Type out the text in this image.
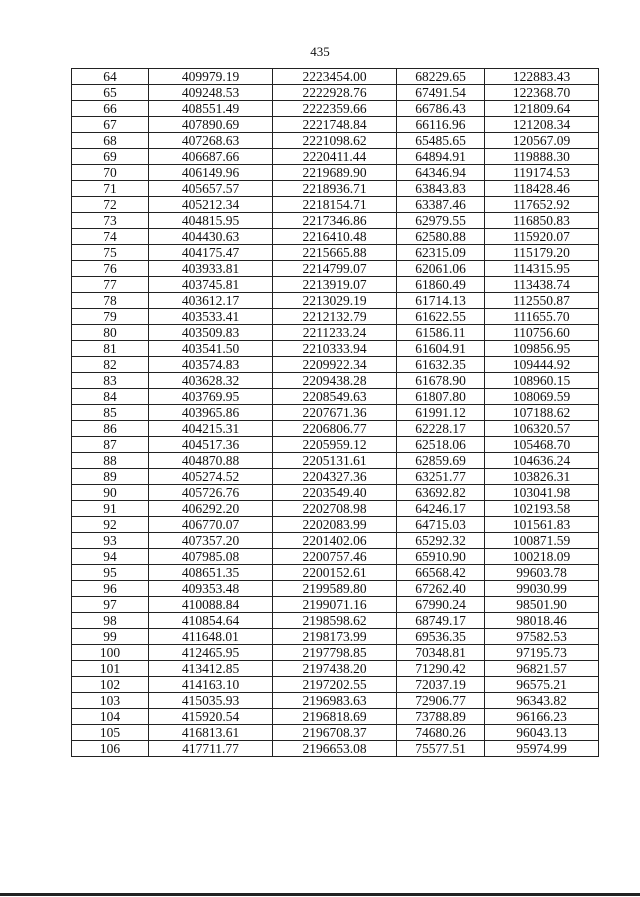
435
64	409979.19	2223454.00	68229.65	122883.43
65	409248.53	2222928.76	67491.54	122368.70
66	408551.49	2222359.66	66786.43	121809.64
67	407890.69	2221748.84	66116.96	121208.34
68	407268.63	2221098.62	65485.65	120567.09
69	406687.66	2220411.44	64894.91	119888.30
70	406149.96	2219689.90	64346.94	119174.53
71	405657.57	2218936.71	63843.83	118428.46
72	405212.34	2218154.71	63387.46	117652.92
73	404815.95	2217346.86	62979.55	116850.83
74	404430.63	2216410.48	62580.88	115920.07
75	404175.47	2215665.88	62315.09	115179.20
76	403933.81	2214799.07	62061.06	114315.95
77	403745.81	2213919.07	61860.49	113438.74
78	403612.17	2213029.19	61714.13	112550.87
79	403533.41	2212132.79	61622.55	111655.70
80	403509.83	2211233.24	61586.11	110756.60
81	403541.50	2210333.94	61604.91	109856.95
82	403574.83	2209922.34	61632.35	109444.92
83	403628.32	2209438.28	61678.90	108960.15
84	403769.95	2208549.63	61807.80	108069.59
85	403965.86	2207671.36	61991.12	107188.62
86	404215.31	2206806.77	62228.17	106320.57
87	404517.36	2205959.12	62518.06	105468.70
88	404870.88	2205131.61	62859.69	104636.24
89	405274.52	2204327.36	63251.77	103826.31
90	405726.76	2203549.40	63692.82	103041.98
91	406292.20	2202708.98	64246.17	102193.58
92	406770.07	2202083.99	64715.03	101561.83
93	407357.20	2201402.06	65292.32	100871.59
94	407985.08	2200757.46	65910.90	100218.09
95	408651.35	2200152.61	66568.42	99603.78
96	409353.48	2199589.80	67262.40	99030.99
97	410088.84	2199071.16	67990.24	98501.90
98	410854.64	2198598.62	68749.17	98018.46
99	411648.01	2198173.99	69536.35	97582.53
100	412465.95	2197798.85	70348.81	97195.73
101	413412.85	2197438.20	71290.42	96821.57
102	414163.10	2197202.55	72037.19	96575.21
103	415035.93	2196983.63	72906.77	96343.82
104	415920.54	2196818.69	73788.89	96166.23
105	416813.61	2196708.37	74680.26	96043.13
106	417711.77	2196653.08	75577.51	95974.99
